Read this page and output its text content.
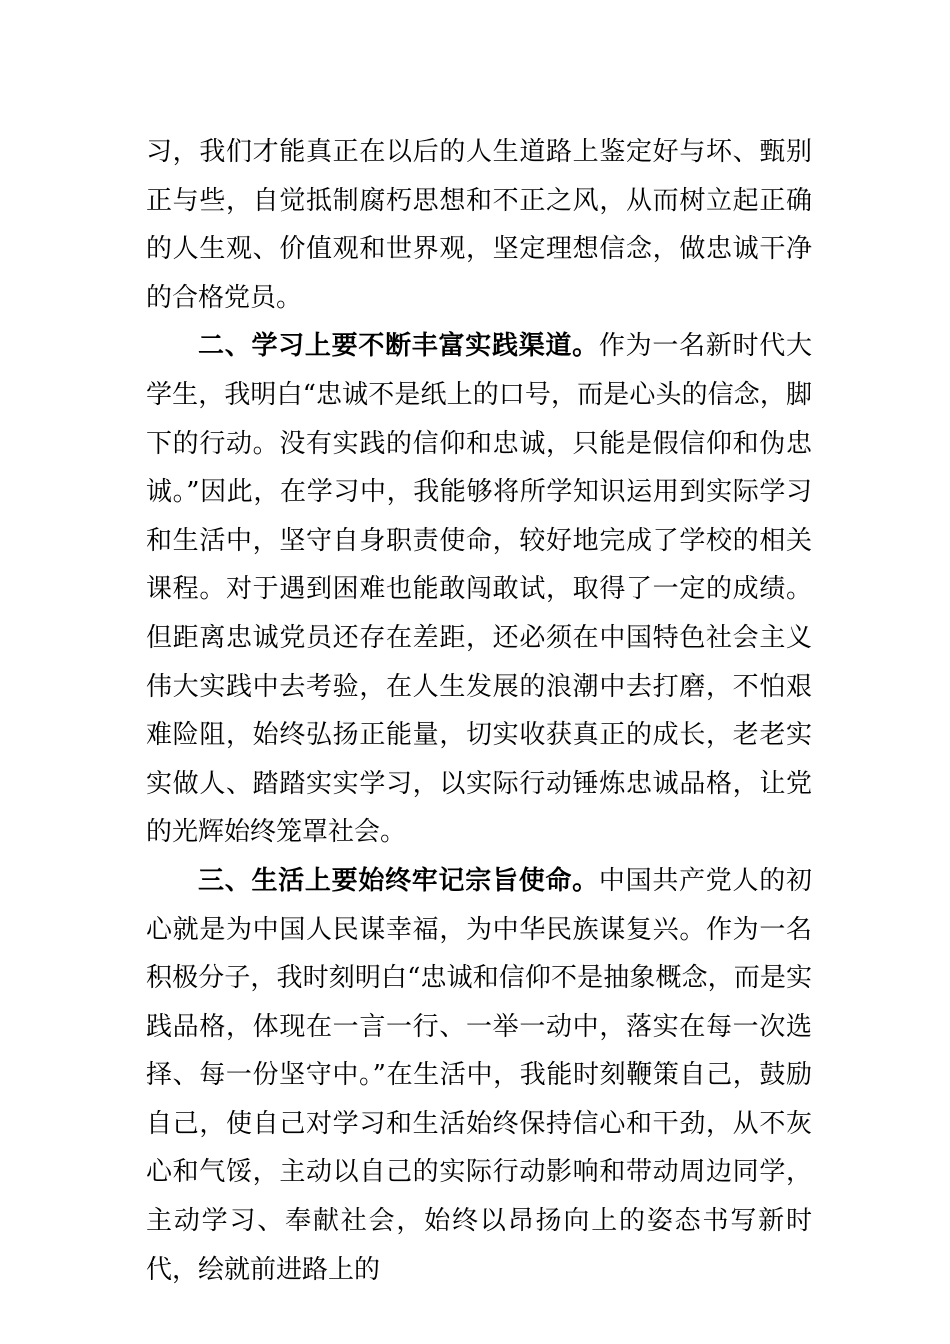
习，我们才能真正在以后的人生道路上鉴定好与坏、甄别正与些，自觉抵制腐朽思想和不正之风，从而树立起正确的人生观、价值观和世界观，坚定理想信念，做忠诚干净的合格党员。

二、学习上要不断丰富实践渠道。作为一名新时代大学生，我明白“忠诚不是纸上的口号，而是心头的信念，脚下的行动。没有实践的信仰和忠诚，只能是假信仰和伪忠诚。”因此，在学习中，我能够将所学知识运用到实际学习和生活中，坚守自身职责使命，较好地完成了学校的相关课程。对于遇到困难也能敢闯敢试，取得了一定的成绩。但距离忠诚党员还存在差距，还必须在中国特色社会主义伟大实践中去考验，在人生发展的浪潮中去打磨，不怕艰难险阻，始终弘扬正能量，切实收获真正的成长，老老实实做人、踏踏实实学习，以实际行动锤炼忠诚品格，让党的光辉始终笼罩社会。

三、生活上要始终牢记宗旨使命。中国共产党人的初心就是为中国人民谋幸福，为中华民族谋复兴。作为一名积极分子，我时刻明白“忠诚和信仰不是抽象概念，而是实践品格，体现在一言一行、一举一动中，落实在每一次选择、每一份坚守中。”在生活中，我能时刻鞭策自己，鼓励自己，使自己对学习和生活始终保持信心和干劲，从不灰心和气馁，主动以自己的实际行动影响和带动周边同学，主动学习、奉献社会，始终以昂扬向上的姿态书写新时代，绘就前进路上的
